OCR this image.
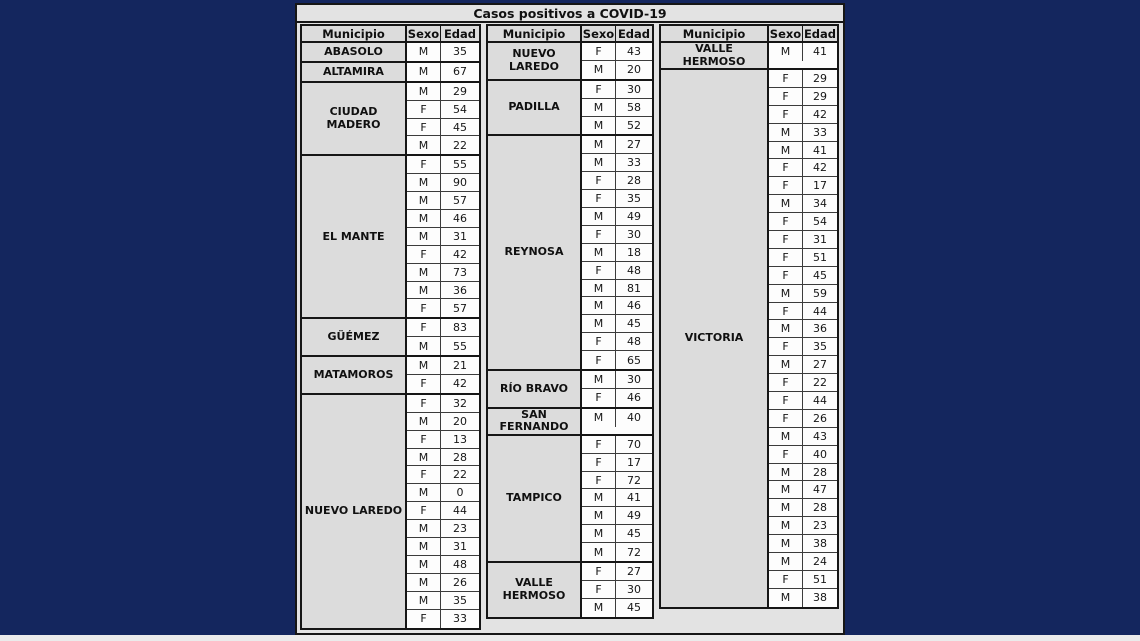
Casos positivos a COVID-19
Municipio	Sexo Edad
ABASOLO	M	35
ALTAMIRA	M	67
CIUDAD MADERO
M	29
F	54
F	45
M	22
EL MANTE
F	55
M	90
M	57
M	46
M	31
F	42
M	73
M	36
F	57
GÜÉMEZ
F	83
M	55
MATAMOROS
M	21
F	42
NUEVO LAREDO
F	32
M	20
F	13
M	28
F	22
M	0
F	44
M	23
M	31
M	48
M	26
M	35
F	33
Municipio	Sexo Edad
NUEVO LAREDO
F	43
M	20
PADILLA
F	30
M	58
M	52
REYNOSA
M	27
M	33
F	28
F	35
M	49
F	30
M	18
F	48
M	81
M	46
M	45
F	48
F	65
RÍO BRAVO
M	30
F	46
SAN FERNANDO
M	40
TAMPICO
F	70
F	17
F	72
M	41
M	49
M	45
M	72
VALLE HERMOSO
F	27
F	30
M	45
Municipio	Sexo Edad
VALLE HERMOSO
M	41
VICTORIA
F	29
F	29
F	42
M	33
M	41
F	42
F	17
M	34
F	54
F	31
F	51
F	45
M	59
F	44
M	36
F	35
M	27
F	22
F	44
F	26
M	43
F	40
M	28
M	47
M	28
M	23
M	38
M	24
F	51
M	38
